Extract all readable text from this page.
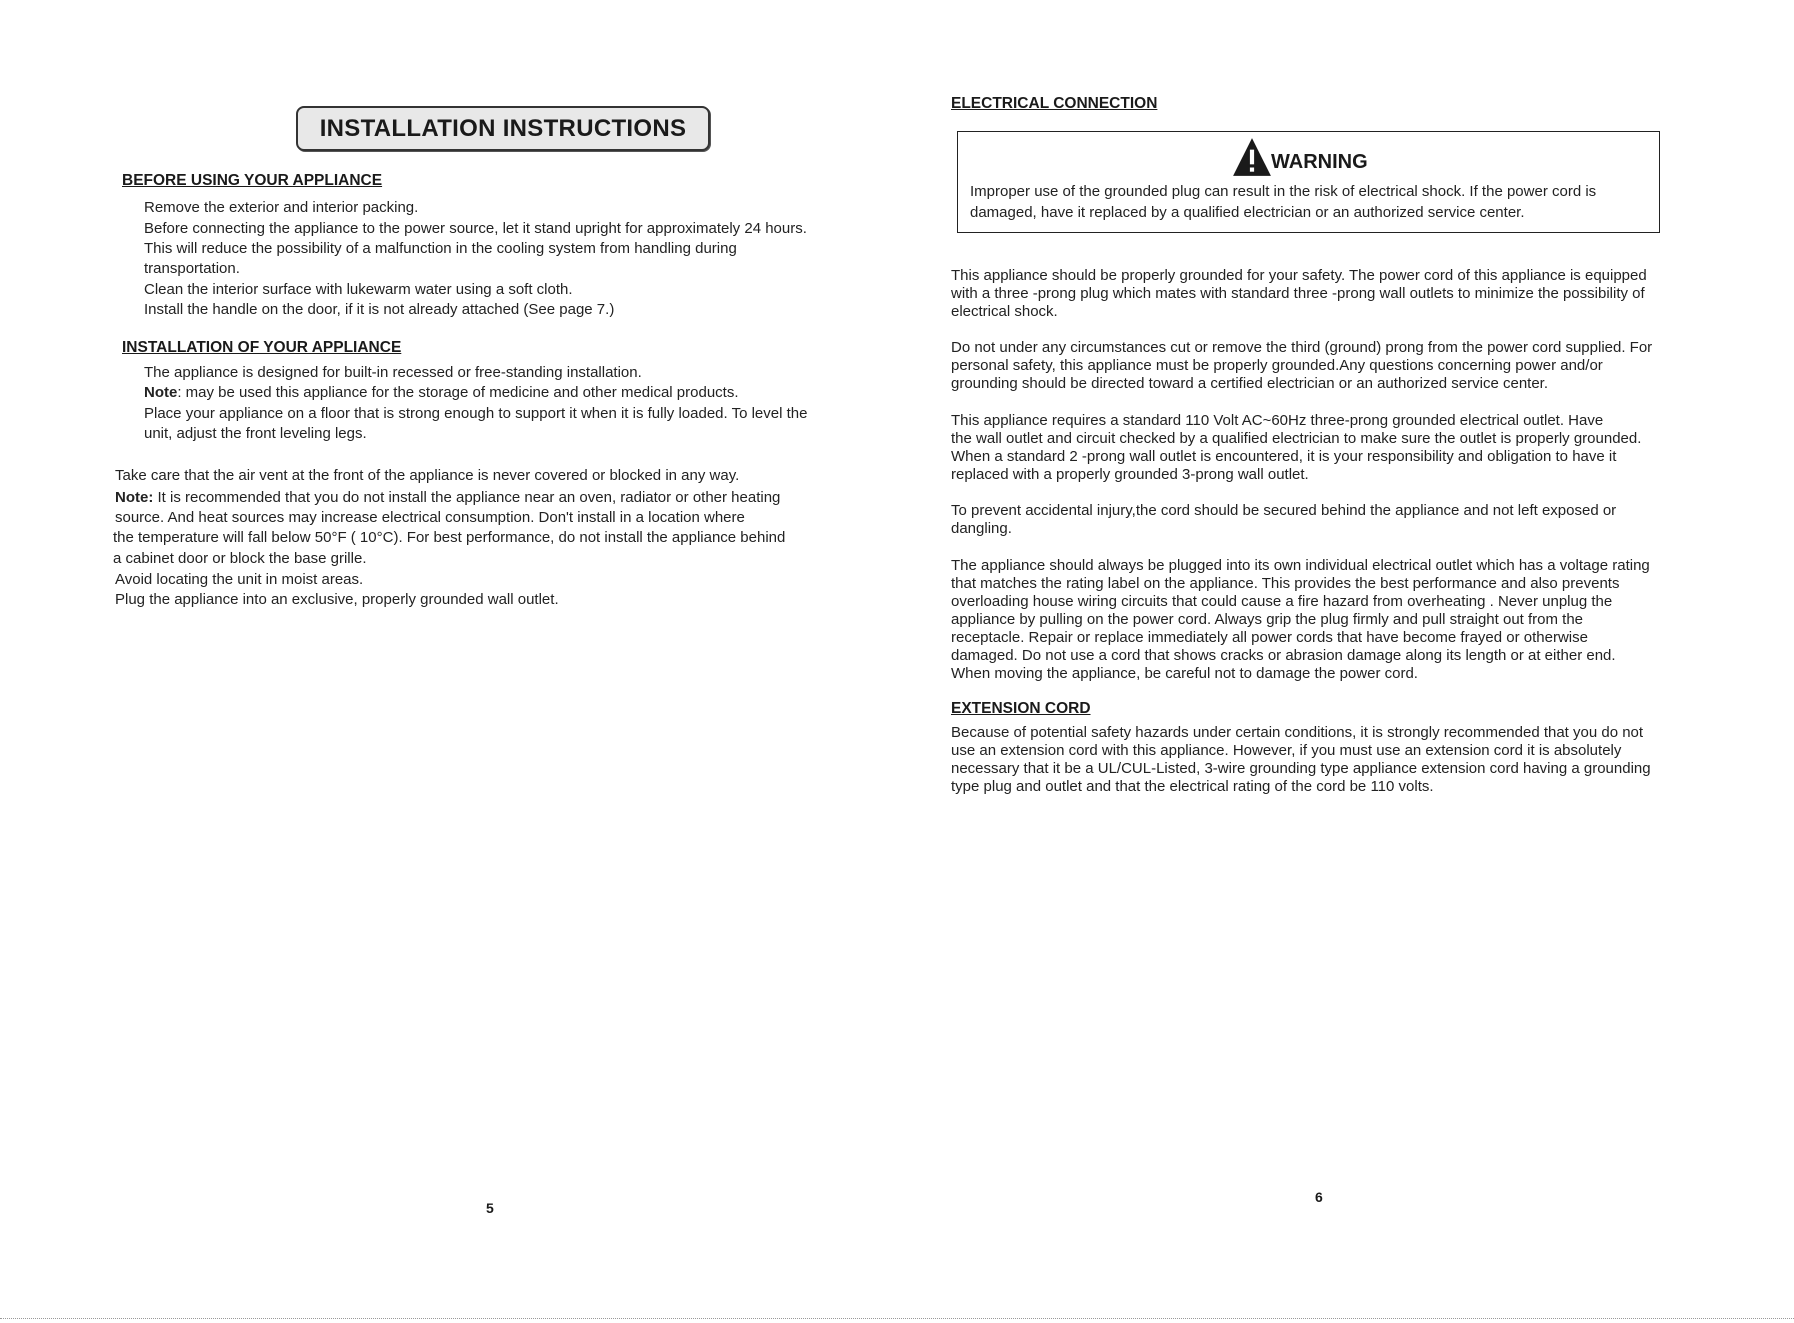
INSTALLATION INSTRUCTIONS
BEFORE USING YOUR APPLIANCE
Remove the exterior and interior packing.
Before connecting the appliance to the power source, let it stand upright for approximately 24 hours.
This will reduce the possibility of a malfunction in the cooling system from handling during
transportation.
Clean the interior surface with lukewarm water using a soft cloth.
Install the handle on the door, if it is not already attached (See page 7.)
INSTALLATION OF YOUR APPLIANCE
The appliance is designed for built-in recessed or free-standing installation.
Note: may be used this appliance for the storage of medicine and other medical products.
Place your appliance on a floor that is strong enough to support it when it is fully loaded. To level the
unit, adjust the front leveling legs.
Take care that the air vent at the front of the appliance is never covered or blocked in any way.
Note: It is recommended that you do not install the appliance near an oven, radiator or other heating
source. And heat sources may increase electrical consumption. Don't install in a location where
the temperature will fall below 50°F ( 10°C). For best performance, do not install the appliance behind
a cabinet door or block the base grille.
Avoid locating the unit in moist areas.
Plug the appliance into an exclusive, properly grounded wall outlet.
5
ELECTRICAL CONNECTION
WARNING
Improper use of the grounded plug can result in the risk of electrical shock. If the power cord is
damaged, have it replaced by a qualified electrician or an authorized service center.
This appliance should be properly grounded for your safety. The power cord of this appliance is equipped
with a three -prong plug which mates with standard three -prong wall outlets to minimize the possibility of
electrical shock.
Do not under any circumstances cut or remove the third (ground) prong from the power cord supplied. For
personal safety, this appliance must be properly grounded.Any questions concerning power and/or
grounding should be directed toward a certified electrician or an authorized service center.
This appliance requires a standard 110 Volt AC~60Hz three-prong grounded electrical outlet. Have
the wall outlet and circuit checked by a qualified electrician to make sure the outlet is properly grounded.
When a standard 2 -prong wall outlet is encountered, it is your responsibility and obligation to have it
replaced with a properly grounded 3-prong wall outlet.
To prevent accidental injury,the cord should be secured behind the appliance and not left exposed or
dangling.
The appliance should always be plugged into its own individual electrical outlet which has a voltage rating
that matches the rating label on the appliance. This provides the best performance and also prevents
overloading house wiring circuits that could cause a fire hazard from overheating . Never unplug the
appliance by pulling on the power cord. Always grip the plug firmly and pull straight out from the
receptacle. Repair or replace immediately all power cords that have become frayed or otherwise
damaged. Do not use a cord that shows cracks or abrasion damage along its length or at either end.
When moving the appliance, be careful not to damage the power cord.
EXTENSION CORD
Because of potential safety hazards under certain conditions, it is strongly recommended that you do not
use an extension cord with this appliance. However, if you must use an extension cord it is absolutely
necessary that it be a UL/CUL-Listed, 3-wire grounding type appliance extension cord having a grounding
type plug and outlet and that the electrical rating of the cord be 110 volts.
6
